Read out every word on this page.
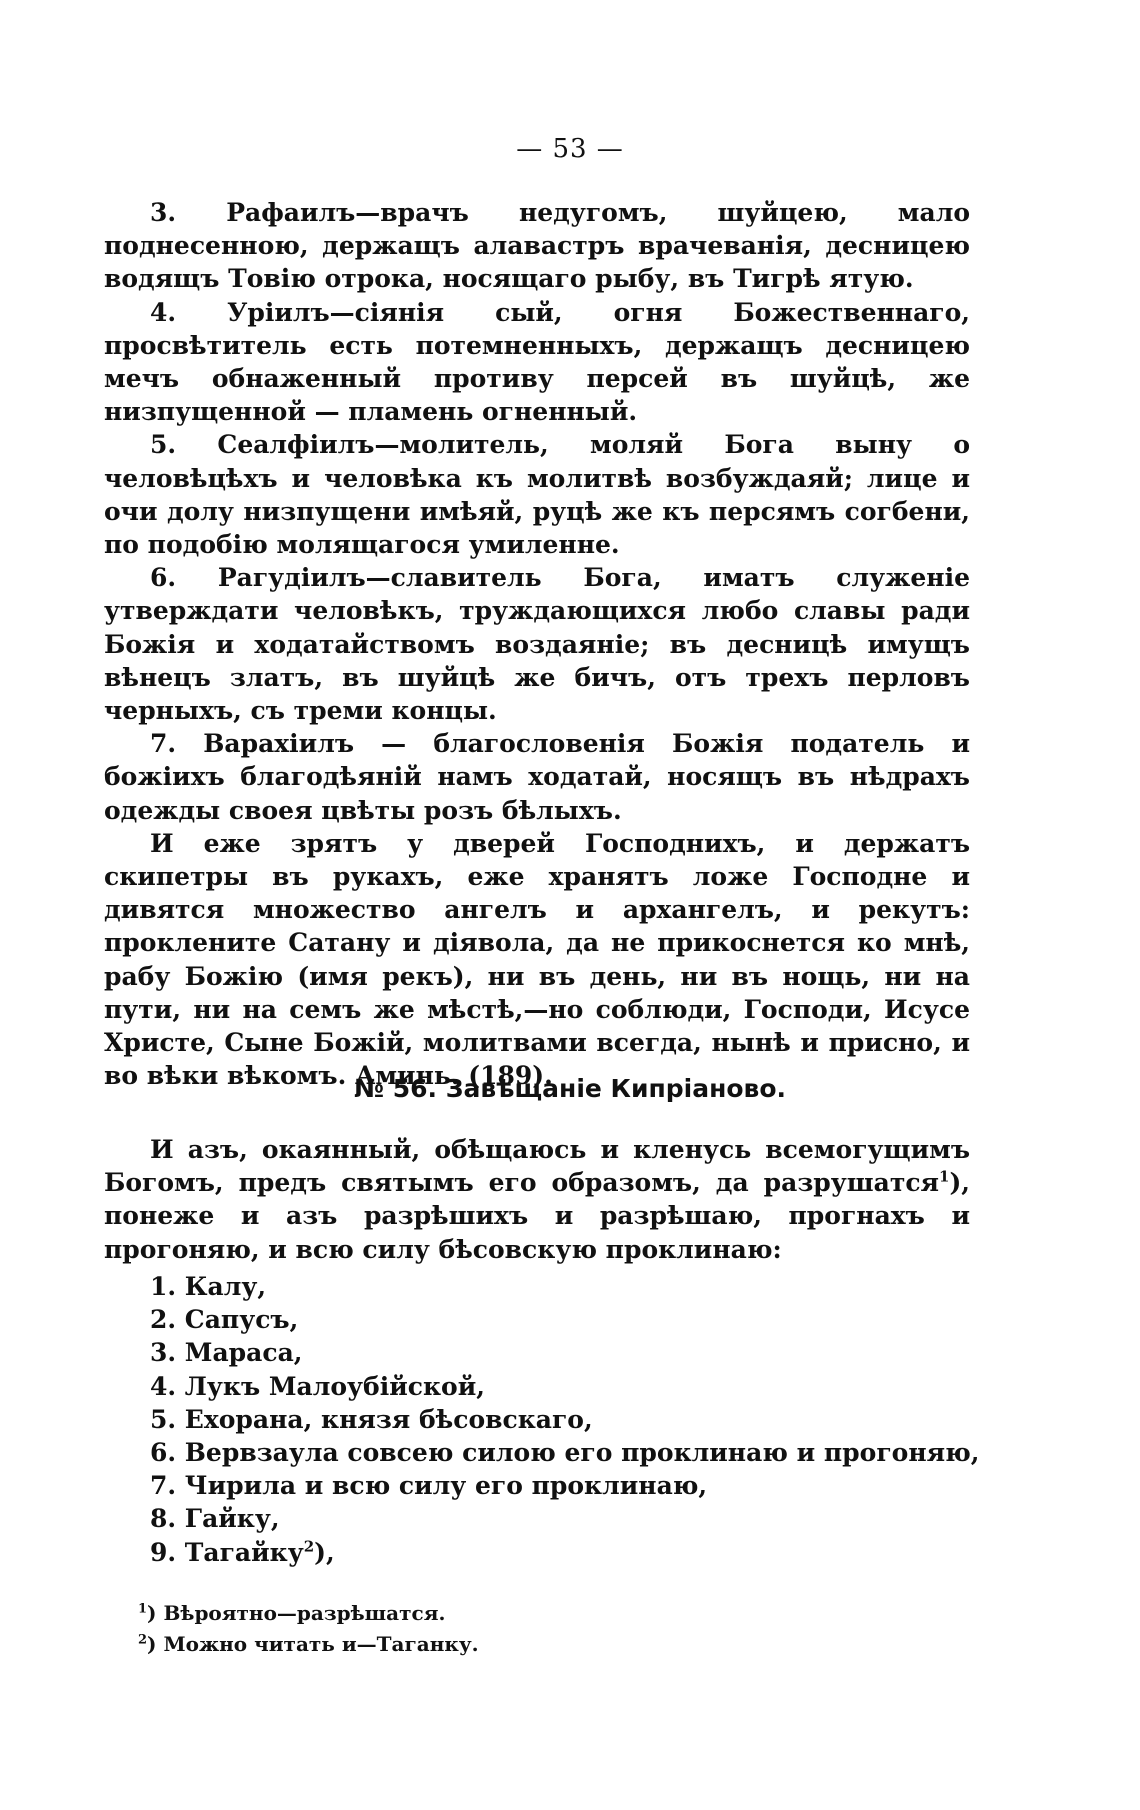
— 53 —

3. Рафаилъ—врачъ недугомъ, шуйцею, мало поднесенною, держащъ алавастръ врачеванія, десницею водящъ Товію отрока, носящаго рыбу, въ Тигрѣ ятую.

4. Урiилъ—сiянiя сый, огня Божественнаго, просвѣтитель есть потемненныхъ, держащъ десницею мечъ обнаженный противу персей въ шуйцѣ, же низпущенной — пламень огненный.

5. Сеалфiилъ—молитель, моляй Бога выну о человѣцѣхъ и человѣка къ молитвѣ возбуждаяй; лице и очи долу низпущени имѣяй, руцѣ же къ персямъ согбени, по подобiю молящагося умиленне.

6. Рагудiилъ—славитель Бога, иматъ служенiе утверждати человѣкъ, труждающихся любо славы ради Божiя и ходатайствомъ воздаянiе; въ десницѣ имущъ вѣнецъ златъ, въ шуйцѣ же бичъ, отъ трехъ перловъ черныхъ, съ треми концы.

7. Варахiилъ — благословенiя Божiя податель и божiихъ благодѣянiй намъ ходатай, носящъ въ нѣдрахъ одежды своея цвѣты розъ бѣлыхъ.

И еже зрятъ у дверей Господнихъ, и держатъ скипетры въ рукахъ, еже хранятъ ложе Господне и дивятся множество ангелъ и архангелъ, и рекутъ: проклените Сатану и дiявола, да не прикоснется ко мнѣ, рабу Божiю (имя рекъ), ни въ день, ни въ нощь, ни на пути, ни на семъ же мѣстѣ,—но соблюди, Господи, Исусе Христе, Сыне Божiй, молитвами всегда, нынѣ и присно, и во вѣки вѣкомъ. Аминь. (189).

№ 56. Завѣщанiе Кипрiаново.

И азъ, окаянный, обѣщаюсь и кленусь всемогущимъ Богомъ, предъ святымъ его образомъ, да разрушатся$^1$), понеже и азъ разрѣшихъ и разрѣшаю, прогнахъ и прогоняю, и всю силу бѣсовскую проклинаю:

1. Калу,
2. Сапусъ,
3. Мараса,
4. Лукъ Малоубiйской,
5. Ехорана, князя бѣсовскаго,
6. Вервзаула совсею силою его проклинаю и прогоняю,
7. Чирила и всю силу его проклинаю,
8. Гайку,
9. Тагайку$^2$),
$^1$) Вѣроятно—разрѣшатся.
$^2$) Можно читать и—Таганку.
